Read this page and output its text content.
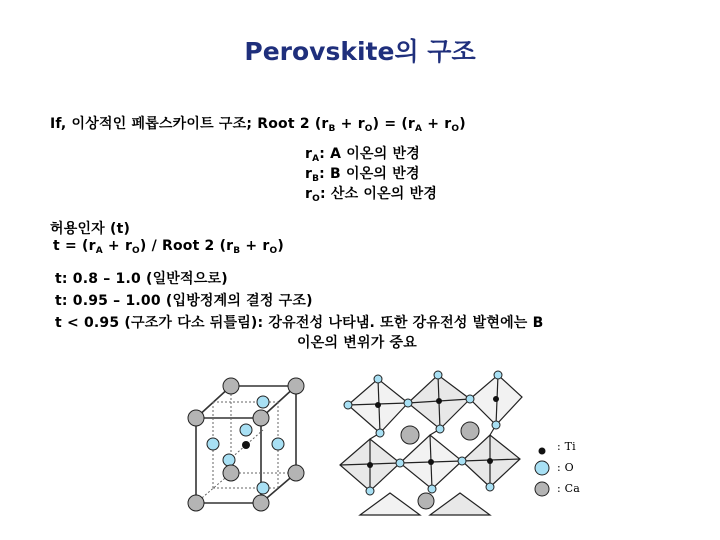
Perovskite의 구조
If, 이상적인 페롭스카이트 구조; Root 2 $(r_B + r_O) = (r_A + r_O)$
$r_A$: A 이온의 반경
$r_B$: B 이온의 반경
$r_O$: 산소 이온의 반경
허용인자 (t)
$t = (r_A + r_O)$ / Root 2 $(r_B + r_O)$
t: 0.8 – 1.0 (일반적으로)
t: 0.95 – 1.00 (입방정계의 결정 구조)
t < 0.95 (구조가 다소 뒤틀림): 강유전성 나타냄. 또한 강유전성 발현에는 B
이온의 변위가 중요
: Ti
: O
: Ca
